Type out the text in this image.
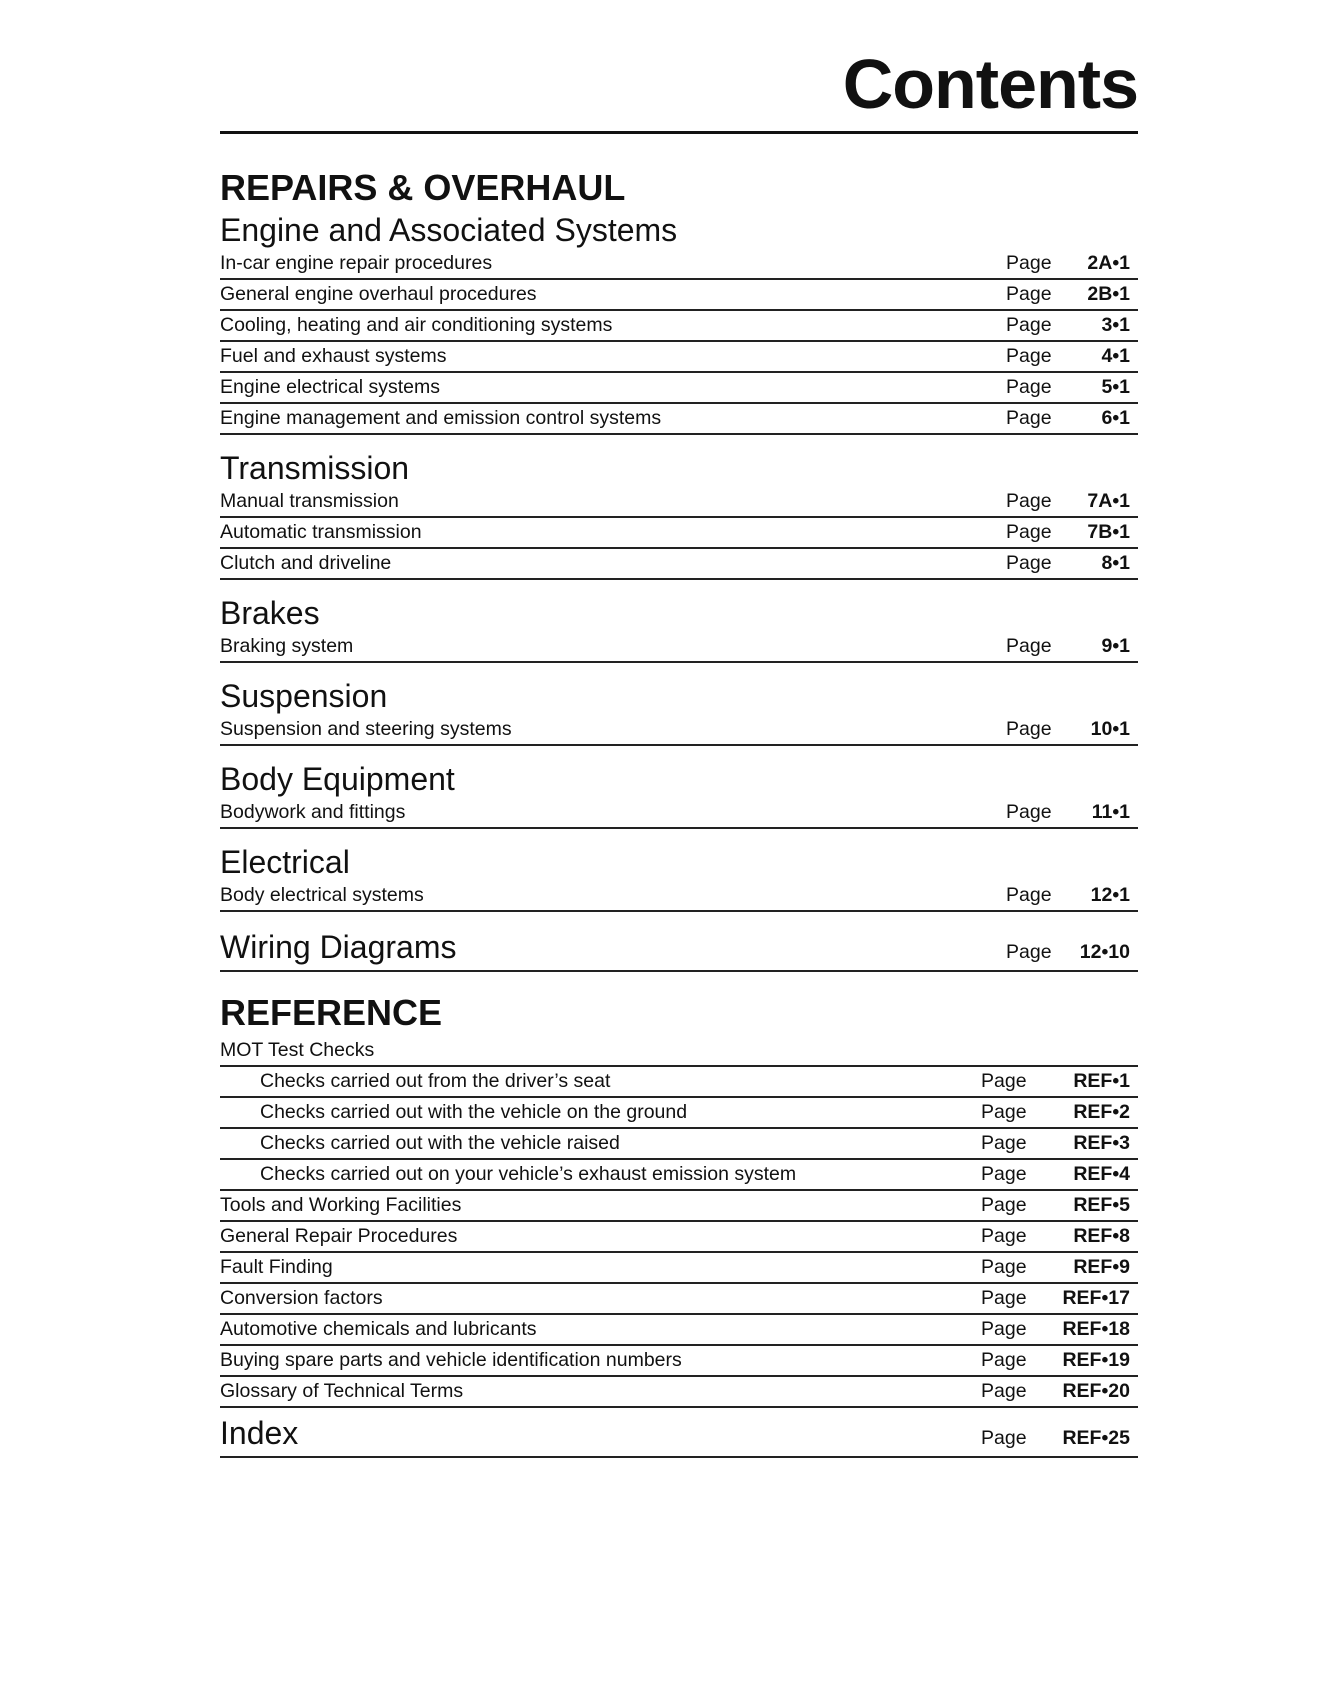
Contents
REPAIRS & OVERHAUL
Engine and Associated Systems
In-car engine repair procedures	Page	2A•1
General engine overhaul procedures	Page	2B•1
Cooling, heating and air conditioning systems	Page	3•1
Fuel and exhaust systems	Page	4•1
Engine electrical systems	Page	5•1
Engine management and emission control systems	Page	6•1
Transmission
Manual transmission	Page	7A•1
Automatic transmission	Page	7B•1
Clutch and driveline	Page	8•1
Brakes
Braking system	Page	9•1
Suspension
Suspension and steering systems	Page	10•1
Body Equipment
Bodywork and fittings	Page	11•1
Electrical
Body electrical systems	Page	12•1
Wiring Diagrams	Page	12•10
REFERENCE
MOT Test Checks
Checks carried out from the driver’s seat	Page	REF•1
Checks carried out with the vehicle on the ground	Page	REF•2
Checks carried out with the vehicle raised	Page	REF•3
Checks carried out on your vehicle’s exhaust emission system	Page	REF•4
Tools and Working Facilities	Page	REF•5
General Repair Procedures	Page	REF•8
Fault Finding	Page	REF•9
Conversion factors	Page	REF•17
Automotive chemicals and lubricants	Page	REF•18
Buying spare parts and vehicle identification numbers	Page	REF•19
Glossary of Technical Terms	Page	REF•20
Index	Page	REF•25
